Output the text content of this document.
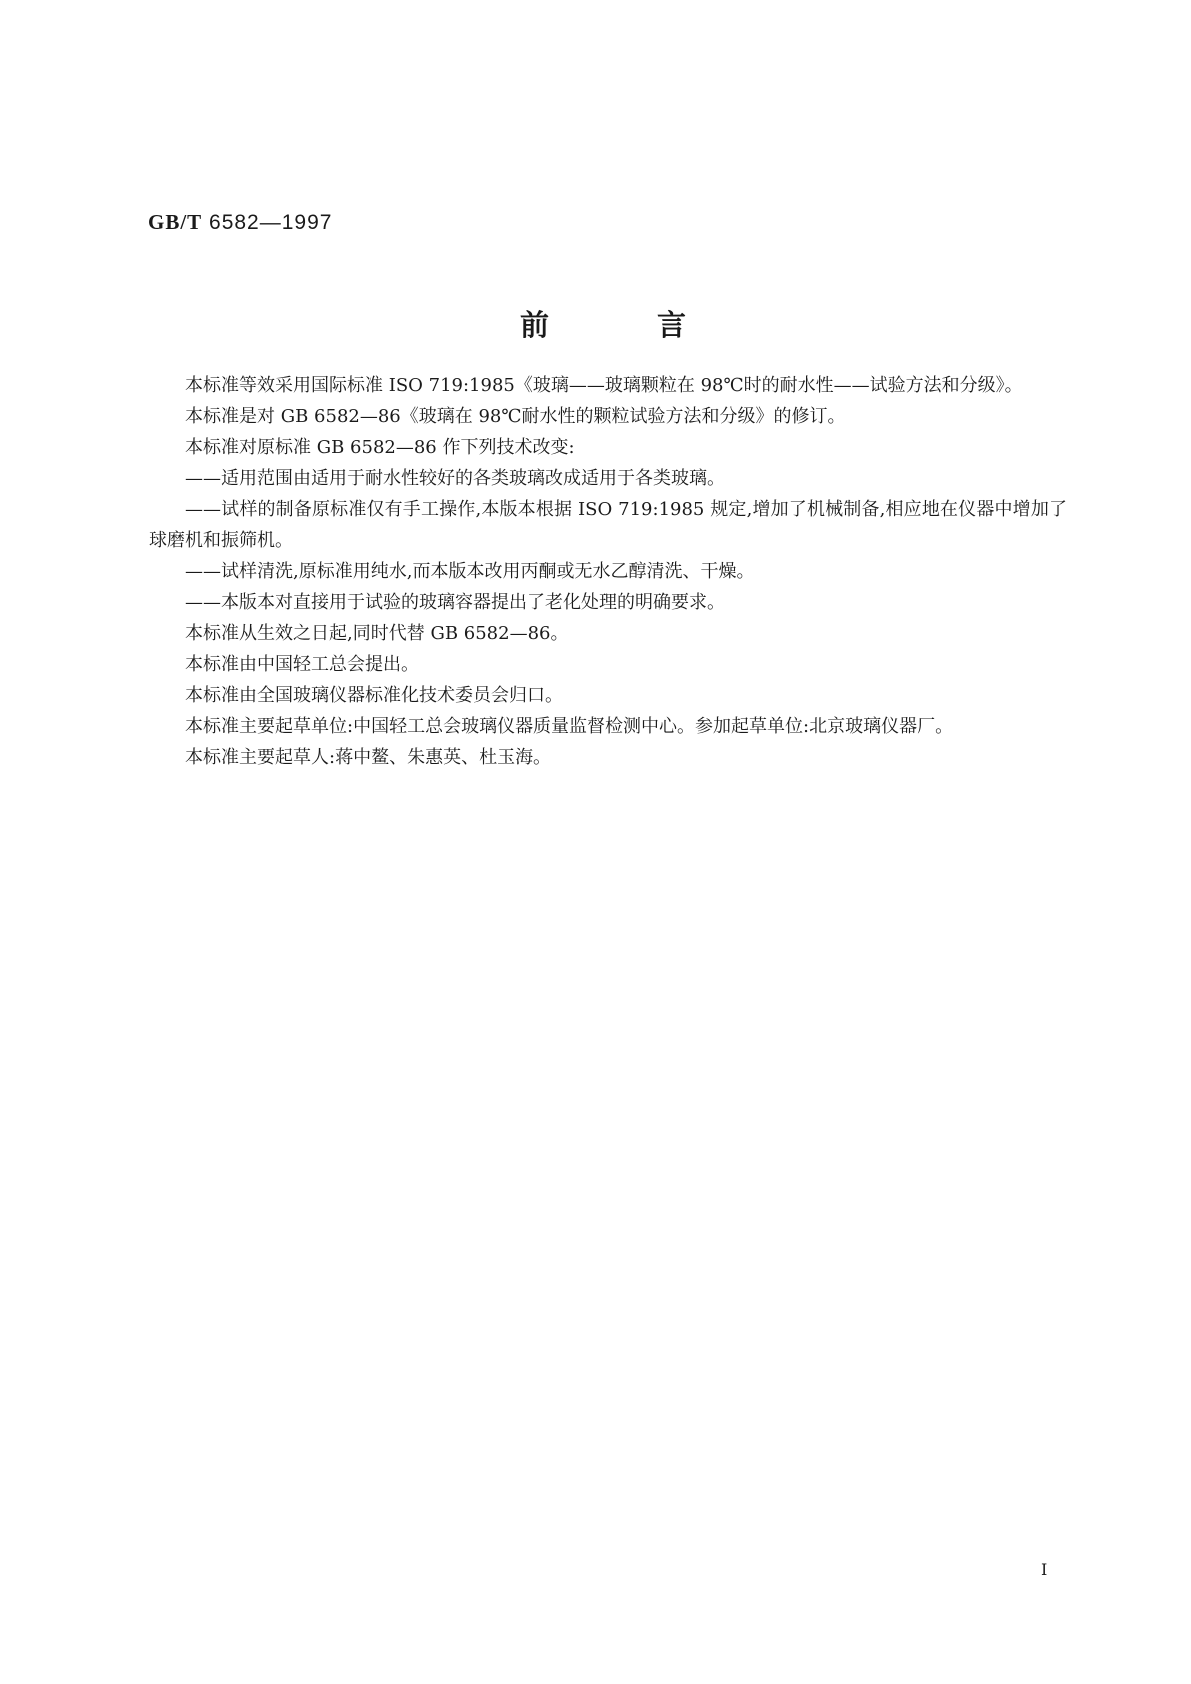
GB/T 6582—1997
前	言

本标准等效采用国际标准 ISO 719:1985《玻璃——玻璃颗粒在 98℃时的耐水性——试验方法和分级》。

本标准是对 GB 6582—86《玻璃在 98℃耐水性的颗粒试验方法和分级》的修订。

本标准对原标准 GB 6582—86 作下列技术改变:

——适用范围由适用于耐水性较好的各类玻璃改成适用于各类玻璃。

——试样的制备原标准仅有手工操作,本版本根据 ISO 719:1985 规定,增加了机械制备,相应地在仪器中增加了球磨机和振筛机。

——试样清洗,原标准用纯水,而本版本改用丙酮或无水乙醇清洗、干燥。

——本版本对直接用于试验的玻璃容器提出了老化处理的明确要求。

本标准从生效之日起,同时代替 GB 6582—86。

本标准由中国轻工总会提出。

本标准由全国玻璃仪器标准化技术委员会归口。

本标准主要起草单位:中国轻工总会玻璃仪器质量监督检测中心。参加起草单位:北京玻璃仪器厂。

本标准主要起草人:蒋中鳌、朱惠英、杜玉海。

I
